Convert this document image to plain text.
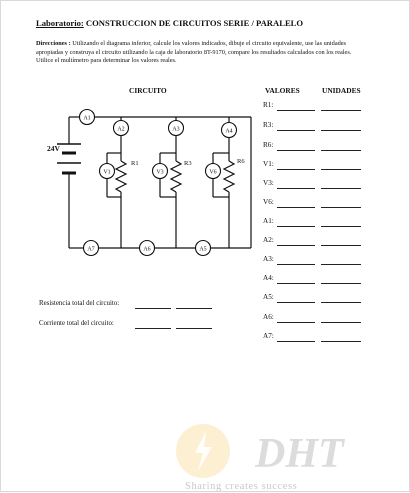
Laboratorio: CONSTRUCCION DE CIRCUITOS SERIE / PARALELO
Direcciones : Utilizando el diagrama inferior, calcule los valores indicados, dibuje el circuito equivalente, use las unidades apropiadas y construya el circuito utilizando la caja de laboratorio 8T-9170, compare los resultados calculados con los reales. Utilice el multímetro para determinar los valores reales.
CIRCUITO	VALORES	UNIDADES
24V
R1	R3	R6
A1
A2	A3	A4
V1	V3	V6
A7	A6	A5
R1:
R3:
R6:
V1:
V3:
V6:
A1:
A2:
A3:
A4:
A5:
A6:
A7:
Resistencia total del circuito:
Corriente total del circuito:
DHT
Sharing creates success
